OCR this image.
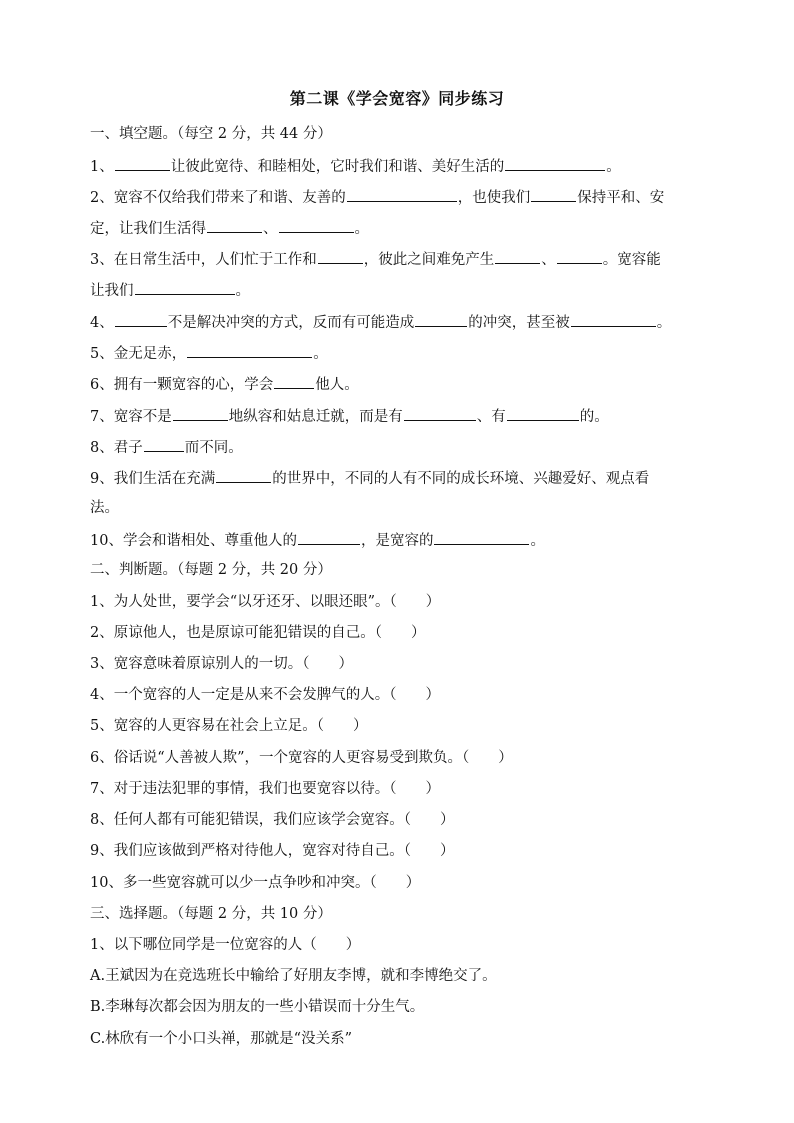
第二课《学会宽容》同步练习
一、填空题。（每空 2 分，共 44 分）
1、	让彼此宽待、和睦相处，它时我们和谐、美好生活的	。
2、宽容不仅给我们带来了和谐、友善的	，也使我们	保持平和、安
定，让我们生活得	、	。
3、在日常生活中，人们忙于工作和	，彼此之间难免产生	、	。宽容能
让我们	。
4、	不是解决冲突的方式，反而有可能造成	的冲突，甚至被	。
5、金无足赤，	。
6、拥有一颗宽容的心，学会	他人。
7、宽容不是	地纵容和姑息迁就，而是有	、有	的。
8、君子	而不同。
9、我们生活在充满	的世界中，不同的人有不同的成长环境、兴趣爱好、观点看
法。
10、学会和谐相处、尊重他人的	，是宽容的	。
二、判断题。（每题 2 分，共 20 分）
1、为人处世，要学会“以牙还牙、以眼还眼”。（　　）
2、原谅他人，也是原谅可能犯错误的自己。（　　）
3、宽容意味着原谅别人的一切。（　　）
4、一个宽容的人一定是从来不会发脾气的人。（　　）
5、宽容的人更容易在社会上立足。（　　）
6、俗话说“人善被人欺”，一个宽容的人更容易受到欺负。（　　）
7、对于违法犯罪的事情，我们也要宽容以待。（　　）
8、任何人都有可能犯错误，我们应该学会宽容。（　　）
9、我们应该做到严格对待他人，宽容对待自己。（　　）
10、多一些宽容就可以少一点争吵和冲突。（　　）
三、选择题。（每题 2 分，共 10 分）
1、以下哪位同学是一位宽容的人（　　）
A.王斌因为在竞选班长中输给了好朋友李博，就和李博绝交了。
B.李琳每次都会因为朋友的一些小错误而十分生气。
C.林欣有一个小口头禅，那就是“没关系”
